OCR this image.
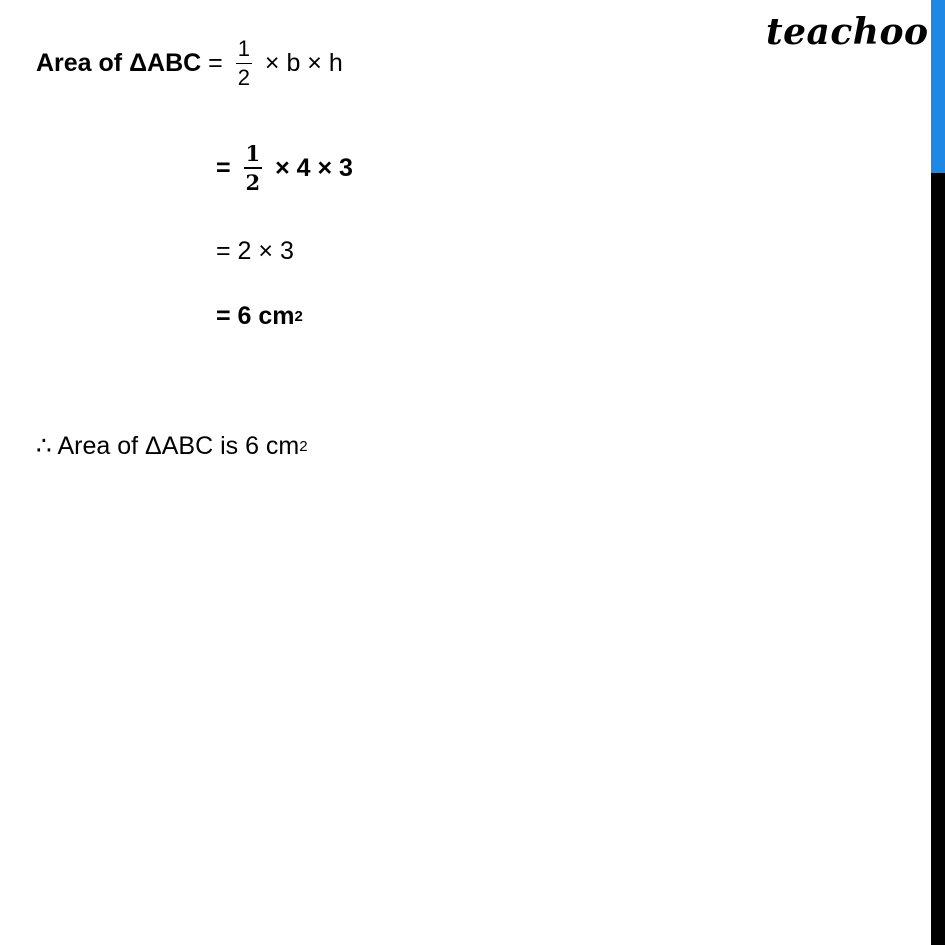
teachoo
Area of $\Delta ABC = \frac{1}{2} \times b \times h$
= $\frac{1}{2} \times 4 \times 3$
= 2 × 3
= 6 cm 2
∴ Area of ΔABC is 6 cm 2
